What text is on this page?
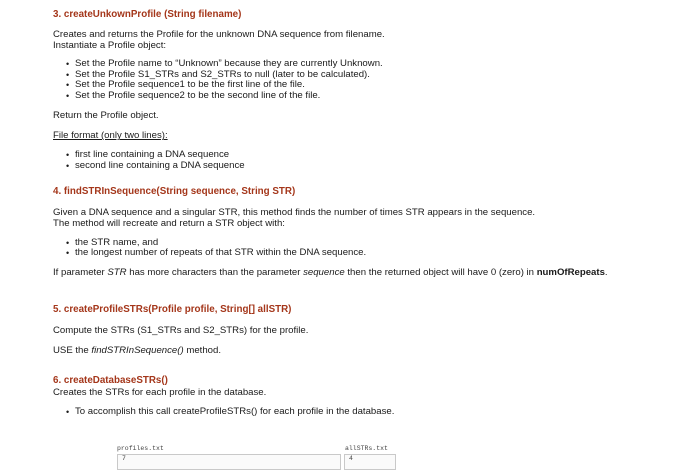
3. createUnkownProfile (String filename)

Creates and returns the Profile for the unknown DNA sequence from filename.

Instantiate a Profile object:

• Set the Profile name to “Unknown” because they are currently Unknown.
• Set the Profile S1_STRs and S2_STRs to null (later to be calculated).
• Set the Profile sequence1 to be the first line of the file.
• Set the Profile sequence2 to be the second line of the file.

Return the Profile object.

File format (only two lines):

• first line containing a DNA sequence
• second line containing a DNA sequence
4. findSTRInSequence(String sequence, String STR)

Given a DNA sequence and a singular STR, this method finds the number of times STR appears in the sequence.

The method will recreate and return a STR object with:

• the STR name, and
• the longest number of repeats of that STR within the DNA sequence.

If parameter STR has more characters than the parameter sequence then the returned object will have 0 (zero) in numOfRepeats.

5. createProfileSTRs(Profile profile, String[] allSTR)

Compute the STRs (S1_STRs and S2_STRs) for the profile.

USE the findSTRInSequence() method.

6. createDatabaseSTRs()

Creates the STRs for each profile in the database.

• To accomplish this call createProfileSTRs() for each profile in the database.
profiles.txt
7
allSTRs.txt
4
